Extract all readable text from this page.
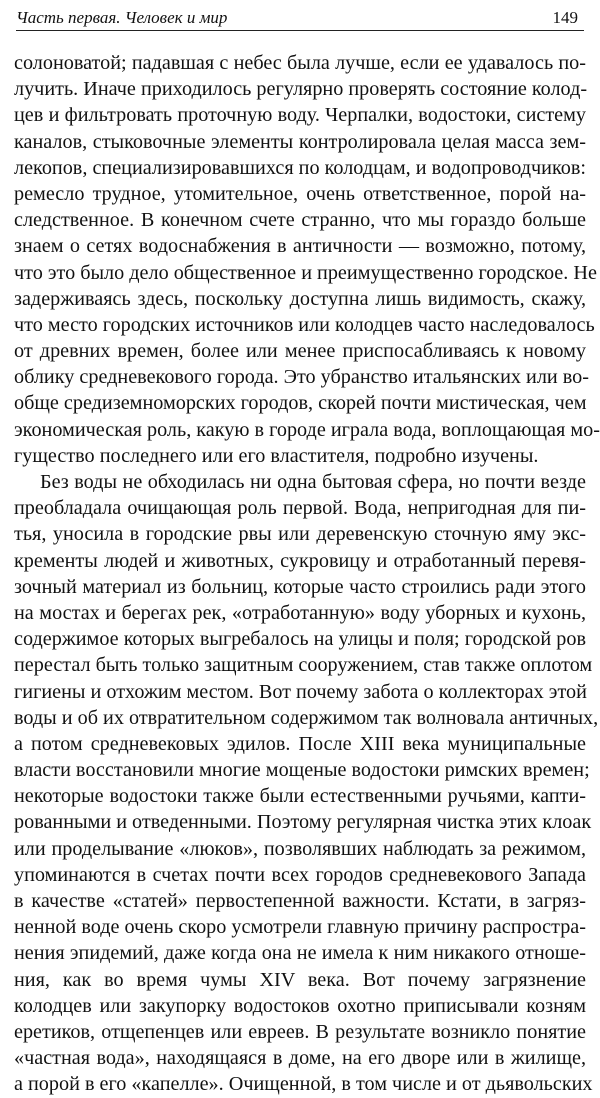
Часть первая. Человек и мир	149
солоноватой; падавшая с небес была лучше, если ее удавалось по-
лучить. Иначе приходилось регулярно проверять состояние колод-
цев и фильтровать проточную воду. Черпалки, водостоки, систему
каналов, стыковочные элементы контролировала целая масса зем-
лекопов, специализировавшихся по колодцам, и водопроводчиков:
ремесло трудное, утомительное, очень ответственное, порой на-
следственное. В конечном счете странно, что мы гораздо больше
знаем о сетях водоснабжения в античности — возможно, потому,
что это было дело общественное и преимущественно городское. Не
задерживаясь здесь, поскольку доступна лишь видимость, скажу,
что место городских источников или колодцев часто наследовалось
от древних времен, более или менее приспосабливаясь к новому
облику средневекового города. Это убранство итальянских или во-
обще средиземноморских городов, скорей почти мистическая, чем
экономическая роль, какую в городе играла вода, воплощающая мо-
гущество последнего или его властителя, подробно изучены.
Без воды не обходилась ни одна бытовая сфера, но почти везде
преобладала очищающая роль первой. Вода, непригодная для пи-
тья, уносила в городские рвы или деревенскую сточную яму экс-
кременты людей и животных, сукровицу и отработанный перевя-
зочный материал из больниц, которые часто строились ради этого
на мостах и берегах рек, «отработанную» воду уборных и кухонь,
содержимое которых выгребалось на улицы и поля; городской ров
перестал быть только защитным сооружением, став также оплотом
гигиены и отхожим местом. Вот почему забота о коллекторах этой
воды и об их отвратительном содержимом так волновала античных,
а потом средневековых эдилов. После XIII века муниципальные
власти восстановили многие мощеные водостоки римских времен;
некоторые водостоки также были естественными ручьями, капти-
рованными и отведенными. Поэтому регулярная чистка этих клоак
или проделывание «люков», позволявших наблюдать за режимом,
упоминаются в счетах почти всех городов средневекового Запада
в качестве «статей» первостепенной важности. Кстати, в загряз-
ненной воде очень скоро усмотрели главную причину распростра-
нения эпидемий, даже когда она не имела к ним никакого отноше-
ния, как во время чумы XIV века. Вот почему загрязнение
колодцев или закупорку водостоков охотно приписывали козням
еретиков, отщепенцев или евреев. В результате возникло понятие
«частная вода», находящаяся в доме, на его дворе или в жилище,
а порой в его «капелле». Очищенной, в том числе и от дьявольских
